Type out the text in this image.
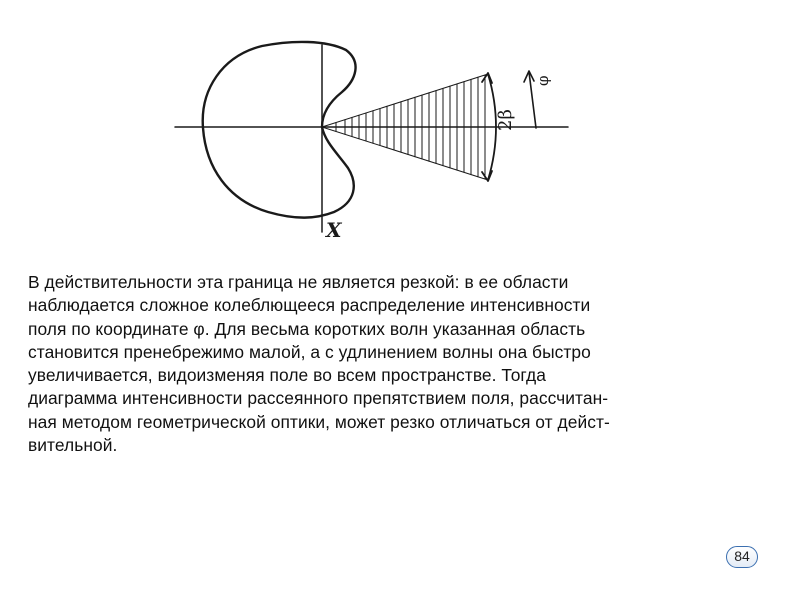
2β
φ
X
В действительности эта граница не является резкой: в ее области
наблюдается сложное колеблющееся распределение интенсивности
поля по координате φ. Для весьма коротких волн указанная область
становится пренебрежимо малой, а с удлинением волны она быстро
увеличивается, видоизменяя поле во всем пространстве. Тогда
диаграмма интенсивности рассеянного препятствием поля, рассчитан-
ная методом геометрической оптики, может резко отличаться от дейст-
вительной.
84
